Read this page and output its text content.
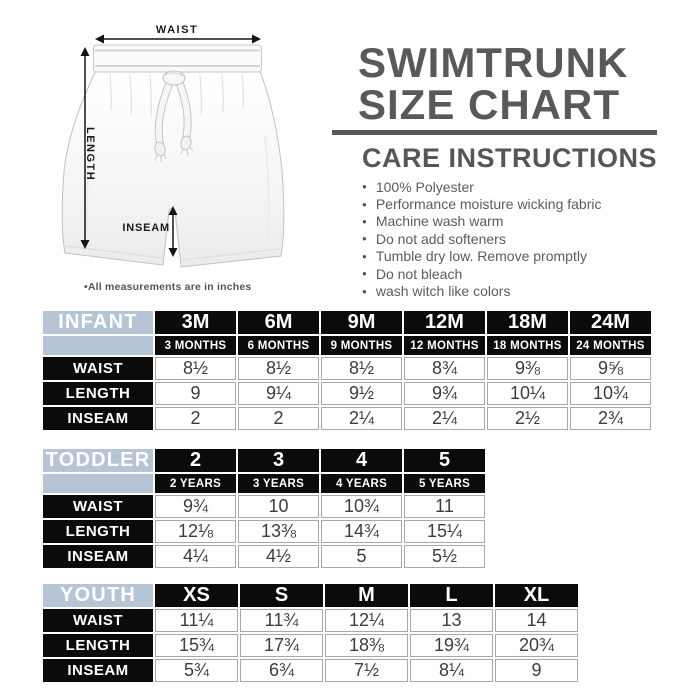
WAIST
LENGTH
INSEAM
•All measurements are in inches
SWIMTRUNK
SIZE CHART
CARE INSTRUCTIONS
● 100% Polyester
● Performance moisture wicking fabric
● Machine wash warm
● Do not add softeners
● Tumble dry low. Remove promptly
● Do not bleach
● wash witch like colors
INFANT	3M	6M	9M	12M	18M	24M
	3 MONTHS	6 MONTHS	9 MONTHS	12 MONTHS	18 MONTHS	24 MONTHS
WAIST	8½	8½	8½	8¾	9⅜	9⅝
LENGTH	9	9¼	9½	9¾	10¼	10¾
INSEAM	2	2	2¼	2¼	2½	2¾
TODDLER	2	3	4	5
	2 YEARS	3 YEARS	4 YEARS	5 YEARS
WAIST	9¾	10	10¾	11
LENGTH	12⅛	13⅜	14¾	15¼
INSEAM	4¼	4½	5	5½
YOUTH	XS	S	M	L	XL
WAIST	11¼	11¾	12¼	13	14
LENGTH	15¾	17¾	18⅜	19¾	20¾
INSEAM	5¾	6¾	7½	8¼	9
